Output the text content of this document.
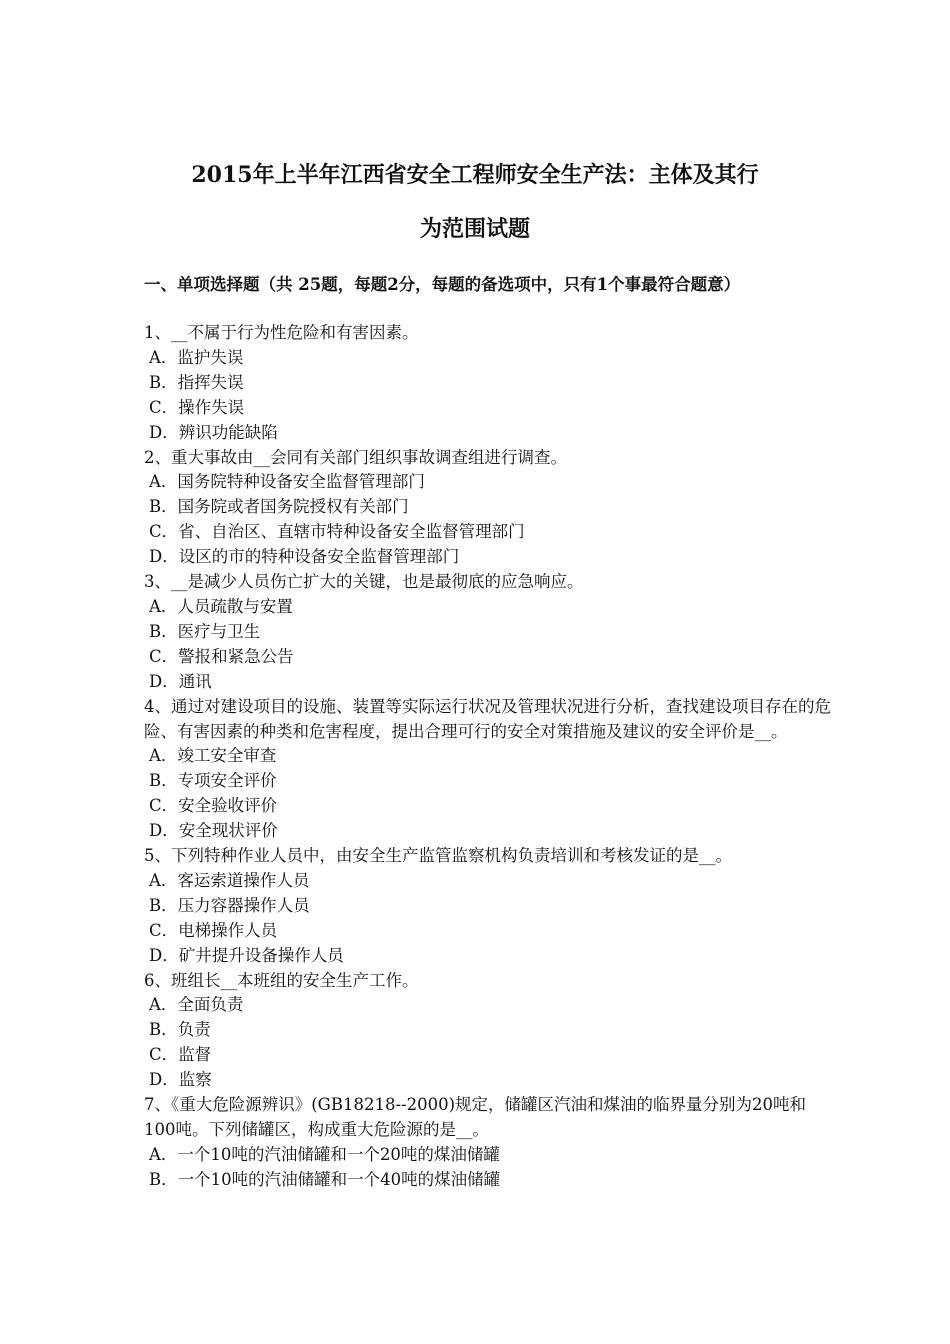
2015年上半年江西省安全工程师安全生产法：主体及其行
为范围试题
一、单项选择题（共 25题，每题2分，每题的备选项中，只有1个事最符合题意）
1、__不属于行为性危险和有害因素。
A．监护失误
B．指挥失误
C．操作失误
D．辨识功能缺陷
2、重大事故由__会同有关部门组织事故调查组进行调查。
A．国务院特种设备安全监督管理部门
B．国务院或者国务院授权有关部门
C．省、自治区、直辖市特种设备安全监督管理部门
D．设区的市的特种设备安全监督管理部门
3、__是减少人员伤亡扩大的关键，也是最彻底的应急响应。
A．人员疏散与安置
B．医疗与卫生
C．警报和紧急公告
D．通讯
4、通过对建设项目的设施、装置等实际运行状况及管理状况进行分析，查找建设项目存在的危险、有害因素的种类和危害程度，提出合理可行的安全对策措施及建议的安全评价是__。
A．竣工安全审查
B．专项安全评价
C．安全验收评价
D．安全现状评价
5、下列特种作业人员中，由安全生产监管监察机构负责培训和考核发证的是__。
A．客运索道操作人员
B．压力容器操作人员
C．电梯操作人员
D．矿井提升设备操作人员
6、班组长__本班组的安全生产工作。
A．全面负责
B．负责
C．监督
D．监察
7、《重大危险源辨识》(GB18218--2000)规定，储罐区汽油和煤油的临界量分别为20吨和100吨。下列储罐区，构成重大危险源的是__。
A．一个10吨的汽油储罐和一个20吨的煤油储罐
B．一个10吨的汽油储罐和一个40吨的煤油储罐
